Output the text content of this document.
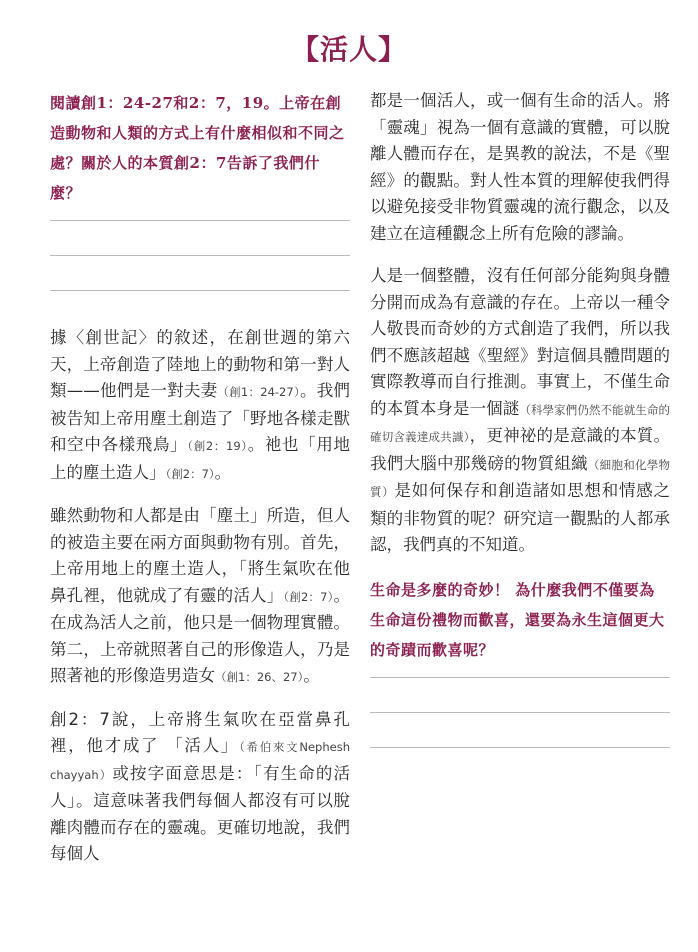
【活人】

閱讀創1：24-27和2：7，19。上帝在創造動物和人類的方式上有什麼相似和不同之處？關於人的本質創2：7告訴了我們什麼？

據〈創世記〉的敘述，在創世週的第六天，上帝創造了陸地上的動物和第一對人類——他們是一對夫妻（創1：24-27）。我們被告知上帝用塵土創造了「野地各樣走獸和空中各樣飛鳥」（創2：19）。祂也「用地上的塵土造人」（創2：7）。

雖然動物和人都是由「塵土」所造，但人的被造主要在兩方面與動物有別。首先，上帝用地上的塵土造人，「將生氣吹在他鼻孔裡，他就成了有靈的活人」（創2：7）。在成為活人之前，他只是一個物理實體。第二，上帝就照著自己的形像造人，乃是照著祂的形像造男造女（創1：26、27）。

創2：7說，上帝將生氣吹在亞當鼻孔裡，他才成了 「活人」（希伯來文Nephesh chayyah）或按字面意思是：「有生命的活人」。這意味著我們每個人都沒有可以脫離肉體而存在的靈魂。更確切地說，我們每個人

都是一個活人，或一個有生命的活人。將「靈魂」視為一個有意識的實體，可以脫離人體而存在，是異教的說法，不是《聖經》的觀點。對人性本質的理解使我們得以避免接受非物質靈魂的流行觀念，以及建立在這種觀念上所有危險的謬論。

人是一個整體，沒有任何部分能夠與身體分開而成為有意識的存在。上帝以一種令人敬畏而奇妙的方式創造了我們，所以我們不應該超越《聖經》對這個具體問題的實際教導而自行推測。事實上，不僅生命的本質本身是一個謎（科學家們仍然不能就生命的確切含義達成共識），更神祕的是意識的本質。我們大腦中那幾磅的物質組織（細胞和化學物質）是如何保存和創造諸如思想和情感之類的非物質的呢？研究這一觀點的人都承認，我們真的不知道。

生命是多麼的奇妙！ 為什麼我們不僅要為生命這份禮物而歡喜，還要為永生這個更大的奇蹟而歡喜呢？
